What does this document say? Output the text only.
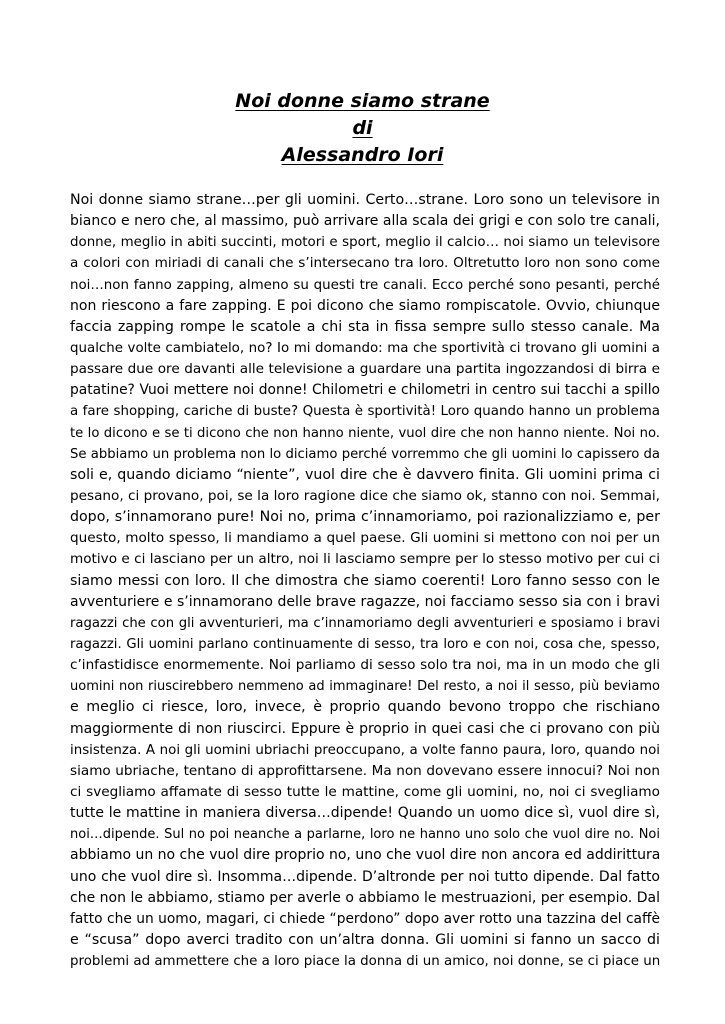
Noi donne siamo strane
di
Alessandro Iori
Noi donne siamo strane…per gli uomini. Certo…strane. Loro sono un televisore in
bianco e nero che, al massimo, può arrivare alla scala dei grigi e con solo tre canali,
donne, meglio in abiti succinti, motori e sport, meglio il calcio… noi siamo un televisore
a colori con miriadi di canali che s’intersecano tra loro. Oltretutto loro non sono come
noi…non fanno zapping, almeno su questi tre canali. Ecco perché sono pesanti, perché
non riescono a fare zapping. E poi dicono che siamo rompiscatole. Ovvio, chiunque
faccia zapping rompe le scatole a chi sta in fissa sempre sullo stesso canale. Ma
qualche volte cambiatelo, no? Io mi domando: ma che sportività ci trovano gli uomini a
passare due ore davanti alle televisione a guardare una partita ingozzandosi di birra e
patatine? Vuoi mettere noi donne! Chilometri e chilometri in centro sui tacchi a spillo
a fare shopping, cariche di buste? Questa è sportività! Loro quando hanno un problema
te lo dicono e se ti dicono che non hanno niente, vuol dire che non hanno niente. Noi no.
Se abbiamo un problema non lo diciamo perché vorremmo che gli uomini lo capissero da
soli e, quando diciamo “niente”, vuol dire che è davvero finita. Gli uomini prima ci
pesano, ci provano, poi, se la loro ragione dice che siamo ok, stanno con noi. Semmai,
dopo, s’innamorano pure! Noi no, prima c’innamoriamo, poi razionalizziamo e, per
questo, molto spesso, li mandiamo a quel paese. Gli uomini si mettono con noi per un
motivo e ci lasciano per un altro, noi li lasciamo sempre per lo stesso motivo per cui ci
siamo messi con loro. Il che dimostra che siamo coerenti! Loro fanno sesso con le
avventuriere e s’innamorano delle brave ragazze, noi facciamo sesso sia con i bravi
ragazzi che con gli avventurieri, ma c’innamoriamo degli avventurieri e sposiamo i bravi
ragazzi. Gli uomini parlano continuamente di sesso, tra loro e con noi, cosa che, spesso,
c’infastidisce enormemente. Noi parliamo di sesso solo tra noi, ma in un modo che gli
uomini non riuscirebbero nemmeno ad immaginare! Del resto, a noi il sesso, più beviamo
e meglio ci riesce, loro, invece, è proprio quando bevono troppo che rischiano
maggiormente di non riuscirci. Eppure è proprio in quei casi che ci provano con più
insistenza. A noi gli uomini ubriachi preoccupano, a volte fanno paura, loro, quando noi
siamo ubriache, tentano di approfittarsene. Ma non dovevano essere innocui? Noi non
ci svegliamo affamate di sesso tutte le mattine, come gli uomini, no, noi ci svegliamo
tutte le mattine in maniera diversa…dipende! Quando un uomo dice sì, vuol dire sì,
noi…dipende. Sul no poi neanche a parlarne, loro ne hanno uno solo che vuol dire no. Noi
abbiamo un no che vuol dire proprio no, uno che vuol dire non ancora ed addirittura
uno che vuol dire sì. Insomma…dipende. D’altronde per noi tutto dipende. Dal fatto
che non le abbiamo, stiamo per averle o abbiamo le mestruazioni, per esempio. Dal
fatto che un uomo, magari, ci chiede “perdono” dopo aver rotto una tazzina del caffè
e “scusa” dopo averci tradito con un’altra donna. Gli uomini si fanno un sacco di
problemi ad ammettere che a loro piace la donna di un amico, noi donne, se ci piace un
